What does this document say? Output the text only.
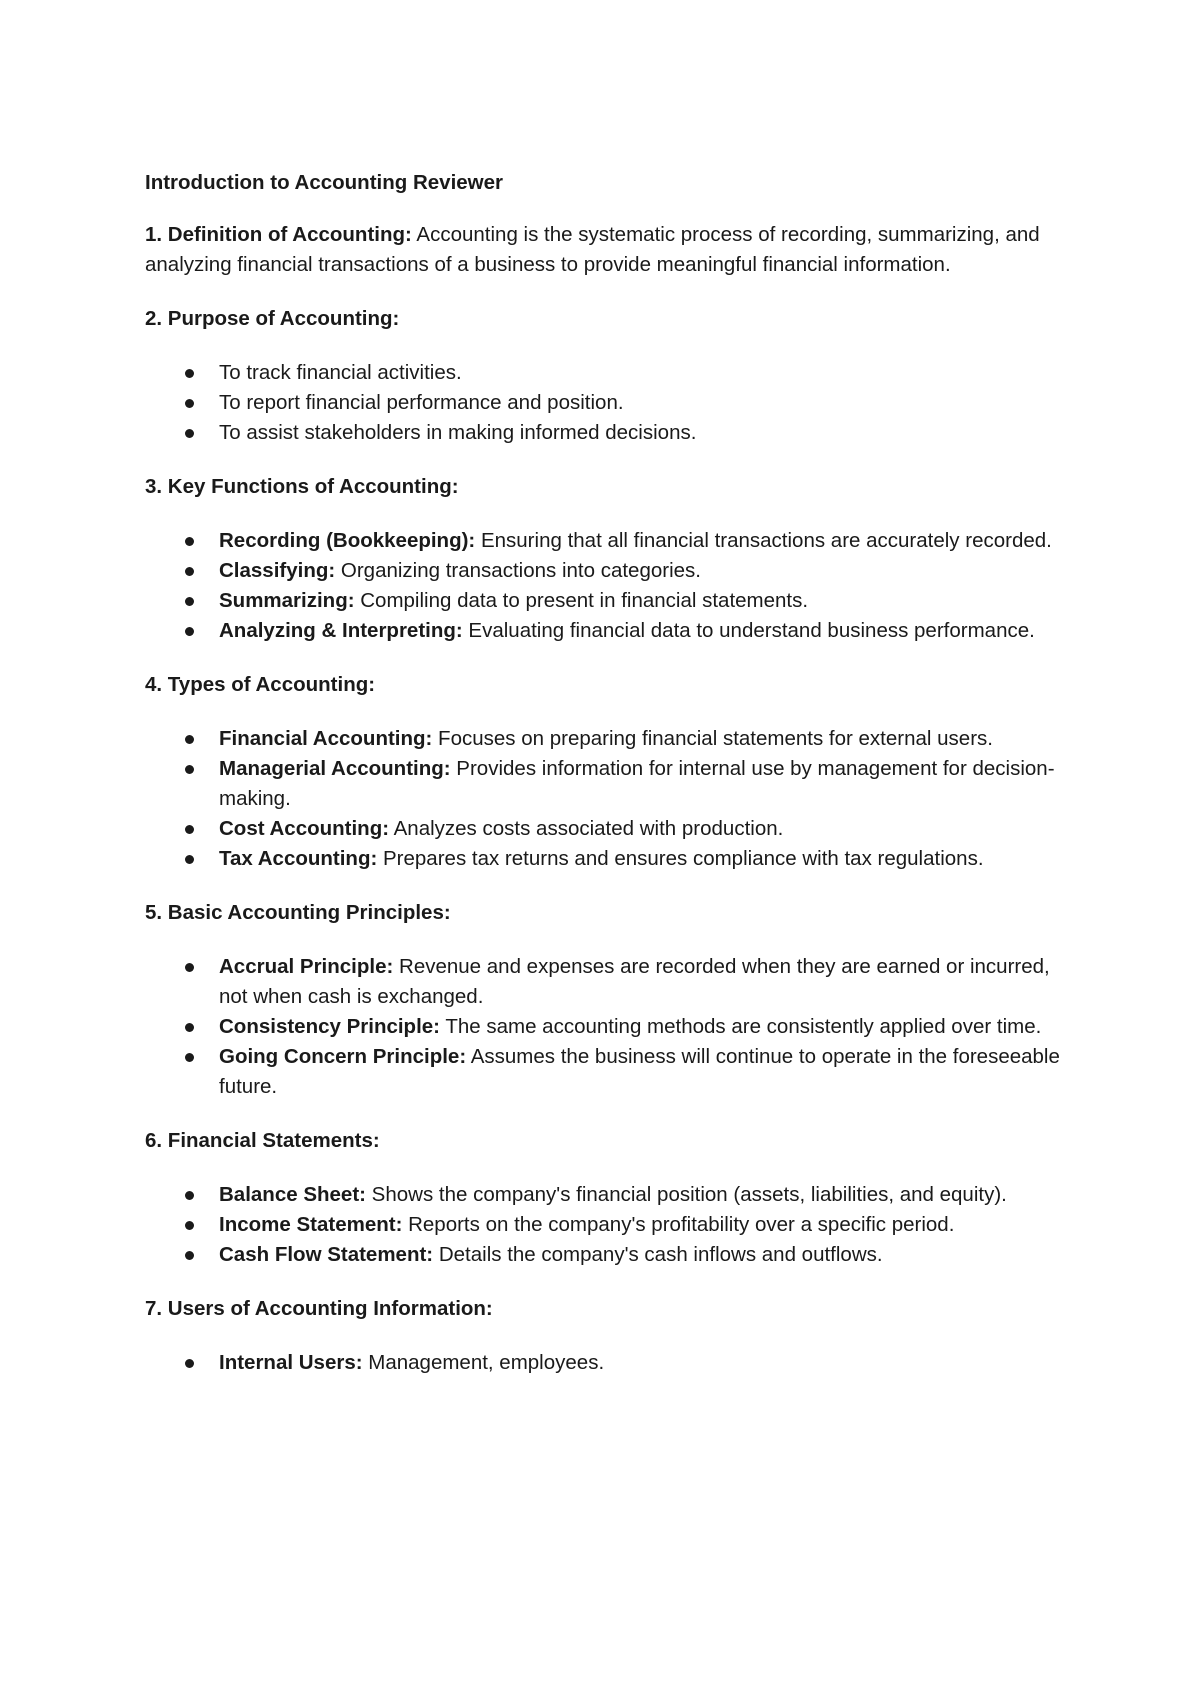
Introduction to Accounting Reviewer
1. Definition of Accounting: Accounting is the systematic process of recording, summarizing, and analyzing financial transactions of a business to provide meaningful financial information.
2. Purpose of Accounting:
To track financial activities.
To report financial performance and position.
To assist stakeholders in making informed decisions.
3. Key Functions of Accounting:
Recording (Bookkeeping): Ensuring that all financial transactions are accurately recorded.
Classifying: Organizing transactions into categories.
Summarizing: Compiling data to present in financial statements.
Analyzing & Interpreting: Evaluating financial data to understand business performance.
4. Types of Accounting:
Financial Accounting: Focuses on preparing financial statements for external users.
Managerial Accounting: Provides information for internal use by management for decision-making.
Cost Accounting: Analyzes costs associated with production.
Tax Accounting: Prepares tax returns and ensures compliance with tax regulations.
5. Basic Accounting Principles:
Accrual Principle: Revenue and expenses are recorded when they are earned or incurred, not when cash is exchanged.
Consistency Principle: The same accounting methods are consistently applied over time.
Going Concern Principle: Assumes the business will continue to operate in the foreseeable future.
6. Financial Statements:
Balance Sheet: Shows the company's financial position (assets, liabilities, and equity).
Income Statement: Reports on the company's profitability over a specific period.
Cash Flow Statement: Details the company's cash inflows and outflows.
7. Users of Accounting Information:
Internal Users: Management, employees.
